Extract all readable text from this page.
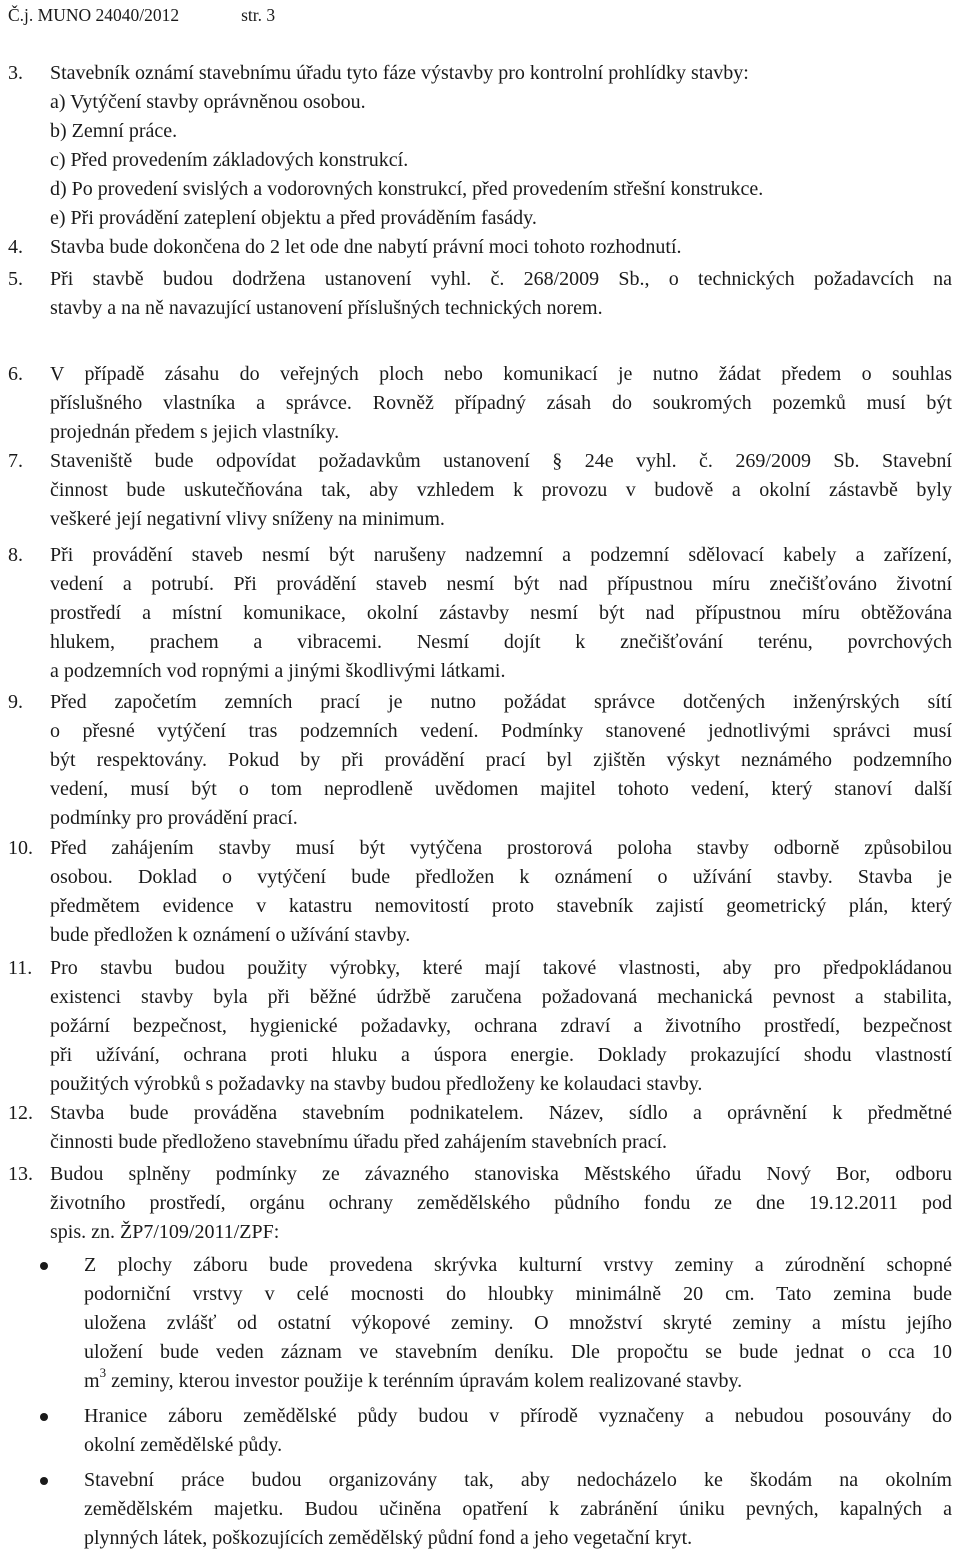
Č.j. MUNO 24040/2012	str. 3
3.	Stavebník oznámí stavebnímu úřadu tyto fáze výstavby pro kontrolní prohlídky stavby:
a) Vytýčení stavby oprávněnou osobou.
b) Zemní práce.
c) Před provedením základových konstrukcí.
d) Po provedení svislých a vodorovných konstrukcí, před provedením střešní konstrukce.
e) Při provádění zateplení objektu a před prováděním fasády.
4.	Stavba bude dokončena do 2 let ode dne nabytí právní moci tohoto rozhodnutí.
5.	Při stavbě budou dodržena ustanovení vyhl. č. 268/2009 Sb., o technických požadavcích na
stavby a na ně navazující ustanovení příslušných technických norem.
6.	V případě zásahu do veřejných ploch nebo komunikací je nutno žádat předem o souhlas
příslušného vlastníka a správce. Rovněž případný zásah do soukromých pozemků musí být
projednán předem s jejich vlastníky.
7.	Staveniště bude odpovídat požadavkům ustanovení § 24e vyhl. č. 269/2009 Sb. Stavební
činnost bude uskutečňována tak, aby vzhledem k provozu v budově a okolní zástavbě byly
veškeré její negativní vlivy sníženy na minimum.
8.	Při provádění staveb nesmí být narušeny nadzemní a podzemní sdělovací kabely a zařízení,
vedení a potrubí. Při provádění staveb nesmí být nad přípustnou míru znečišťováno životní
prostředí a místní komunikace, okolní zástavby nesmí být nad přípustnou míru obtěžována
hlukem, prachem a vibracemi. Nesmí dojít k znečišťování terénu, povrchových
a podzemních vod ropnými a jinými škodlivými látkami.
9.	Před započetím zemních prací je nutno požádat správce dotčených inženýrských sítí
o přesné vytýčení tras podzemních vedení. Podmínky stanovené jednotlivými správci musí
být respektovány. Pokud by při provádění prací byl zjištěn výskyt neznámého podzemního
vedení, musí být o tom neprodleně uvědomen majitel tohoto vedení, který stanoví další
podmínky pro provádění prací.
10. Před zahájením stavby musí být vytýčena prostorová poloha stavby odborně způsobilou
osobou. Doklad o vytýčení bude předložen k oznámení o užívání stavby. Stavba je
předmětem evidence v katastru nemovitostí proto stavebník zajistí geometrický plán, který
bude předložen k oznámení o užívání stavby.
11. Pro stavbu budou použity výrobky, které mají takové vlastnosti, aby pro předpokládanou
existenci stavby byla při běžné údržbě zaručena požadovaná mechanická pevnost a stabilita,
požární bezpečnost, hygienické požadavky, ochrana zdraví a životního prostředí, bezpečnost
při užívání, ochrana proti hluku a úspora energie. Doklady prokazující shodu vlastností
použitých výrobků s požadavky na stavby budou předloženy ke kolaudaci stavby.
12. Stavba bude prováděna stavebním podnikatelem. Název, sídlo a oprávnění k předmětné
činnosti bude předloženo stavebnímu úřadu před zahájením stavebních prací.
13. Budou splněny podmínky ze závazného stanoviska Městského úřadu Nový Bor, odboru
životního prostředí, orgánu ochrany zemědělského půdního fondu ze dne 19.12.2011 pod
spis. zn. ŽP7/109/2011/ZPF:
Z plochy záboru bude provedena skrývka kulturní vrstvy zeminy a zúrodnění schopné
podorniční vrstvy v celé mocnosti do hloubky minimálně 20 cm. Tato zemina bude
uložena zvlášť od ostatní výkopové zeminy. O množství skryté zeminy a místu jejího
uložení bude veden záznam ve stavebním deníku. Dle propočtu se bude jednat o cca 10
$m^3$ zeminy, kterou investor použije k terénním úpravám kolem realizované stavby.
Hranice záboru zemědělské půdy budou v přírodě vyznačeny a nebudou posouvány do
okolní zemědělské půdy.
Stavební práce budou organizovány tak, aby nedocházelo ke škodám na okolním
zemědělském majetku. Budou učiněna opatření k zabránění úniku pevných, kapalných a
plynných látek, poškozujících zemědělský půdní fond a jeho vegetační kryt.
